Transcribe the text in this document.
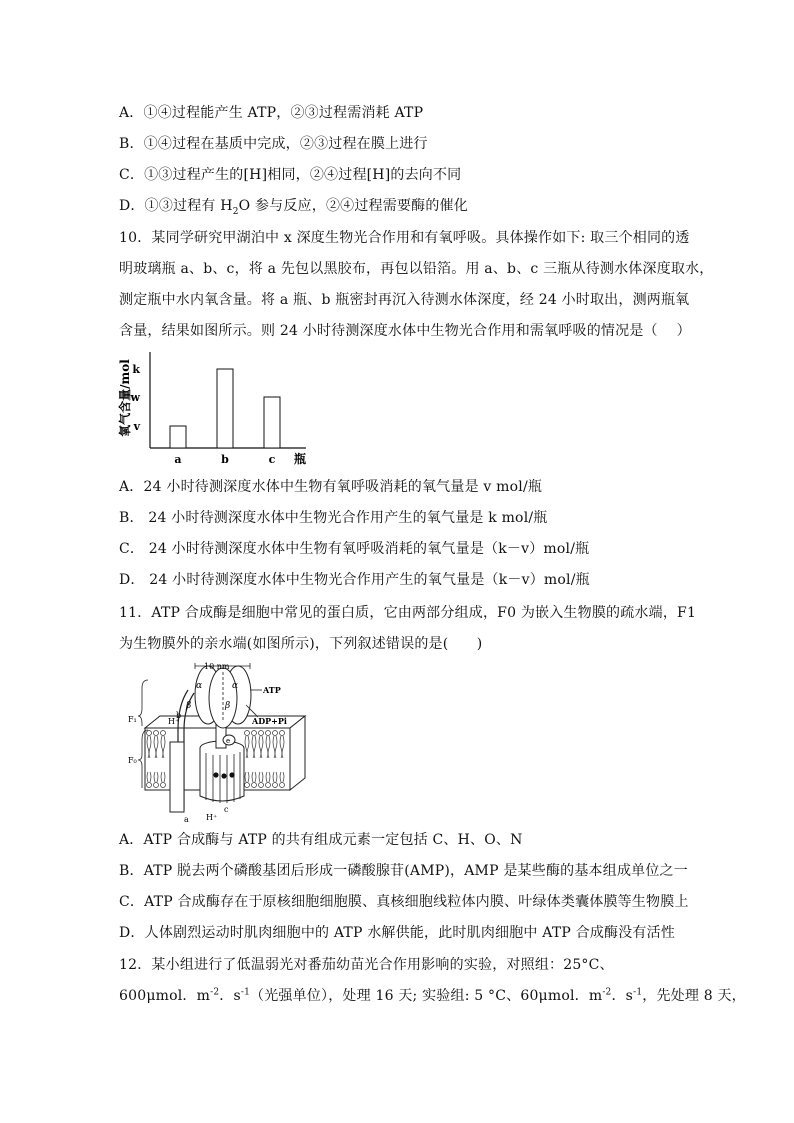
A．①④过程能产生 ATP，②③过程需消耗 ATP
B．①④过程在基质中完成，②③过程在膜上进行
C．①③过程产生的[H]相同，②④过程[H]的去向不同
D．①③过程有 $H_2O$ 参与反应，②④过程需要酶的催化
10．某同学研究甲湖泊中 x 深度生物光合作用和有氧呼吸。具体操作如下: 取三个相同的透
明玻璃瓶 a、b、c，将 a 先包以黑胶布，再包以铅箔。用 a、b、c 三瓶从待测水体深度取水，
测定瓶中水内氧含量。将 a 瓶、b 瓶密封再沉入待测水体深度，经 24 小时取出，测两瓶氧
含量，结果如图所示。则 24 小时待测深度水体中生物光合作用和需氧呼吸的情况是（　 ）
v
w
k
a	b	c 瓶
氧气含量/mol
A．24 小时待测深度水体中生物有氧呼吸消耗的氧气量是 v mol/瓶
B． 24 小时待测深度水体中生物光合作用产生的氧气量是 k mol/瓶
C． 24 小时待测深度水体中生物有氧呼吸消耗的氧气量是（k－v）mol/瓶
D． 24 小时待测深度水体中生物光合作用产生的氧气量是（k－v）mol/瓶
11．ATP 合成酶是细胞中常见的蛋白质，它由两部分组成，F0 为嵌入生物膜的疏水端，F1
为生物膜外的亲水端(如图所示)，下列叙述错误的是(　　)
10 nm
α	α
β	β
ATP
ADP+Pi
F₁
F₀
H⁺
H⁺
b
a
c
e
A．ATP 合成酶与 ATP 的共有组成元素一定包括 C、H、O、N
B．ATP 脱去两个磷酸基团后形成一磷酸腺苷(AMP)，AMP 是某些酶的基本组成单位之一
C．ATP 合成酶存在于原核细胞细胞膜、真核细胞线粒体内膜、叶绿体类囊体膜等生物膜上
D．人体剧烈运动时肌肉细胞中的 ATP 水解供能，此时肌肉细胞中 ATP 合成酶没有活性
12．某小组进行了低温弱光对番茄幼苗光合作用影响的实验，对照组：25°C、
600μmol．$m^{-2}$．$s^{-1}$（光强单位），处理 16 天; 实验组: 5 °C、60μmol．$m^{-2}$．$s^{-1}$，先处理 8 天，
